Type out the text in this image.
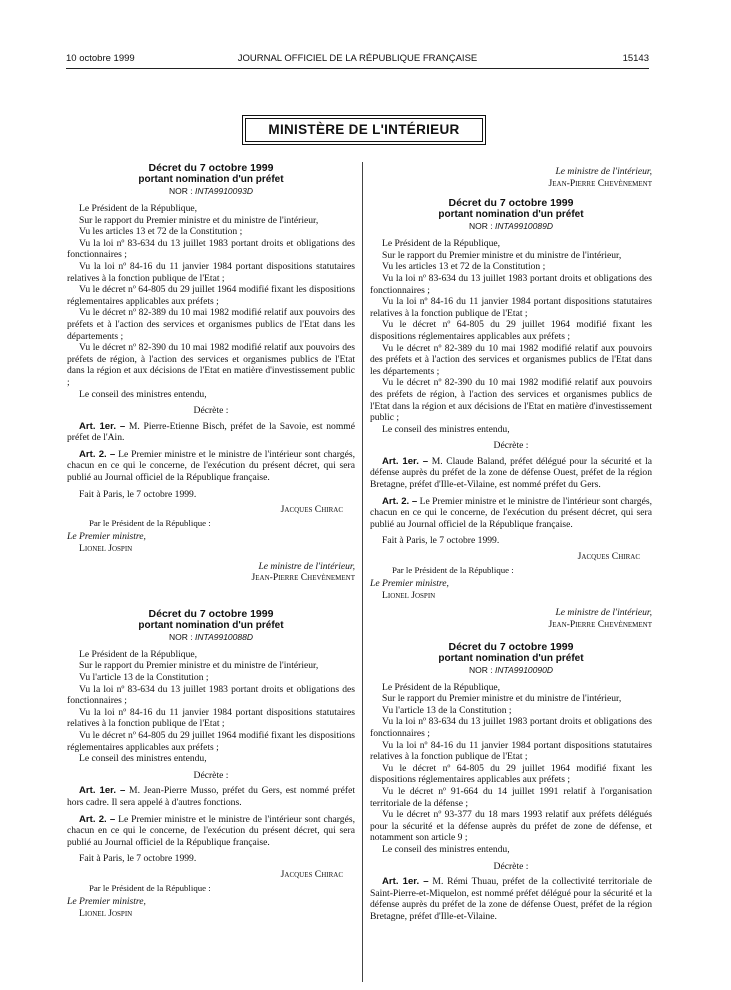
10 octobre 1999	JOURNAL OFFICIEL DE LA RÉPUBLIQUE FRANÇAISE	15143
MINISTÈRE DE L'INTÉRIEUR
Décret du 7 octobre 1999
portant nomination d'un préfet
NOR : INTA9910093D

Le Président de la République,

Sur le rapport du Premier ministre et du ministre de l'intérieur,

Vu les articles 13 et 72 de la Constitution ;

Vu la loi nº 83-634 du 13 juillet 1983 portant droits et obligations des fonctionnaires ;

Vu la loi nº 84-16 du 11 janvier 1984 portant dispositions statutaires relatives à la fonction publique de l'Etat ;

Vu le décret nº 64-805 du 29 juillet 1964 modifié fixant les dispositions réglementaires applicables aux préfets ;

Vu le décret nº 82-389 du 10 mai 1982 modifié relatif aux pouvoirs des préfets et à l'action des services et organismes publics de l'Etat dans les départements ;

Vu le décret nº 82-390 du 10 mai 1982 modifié relatif aux pouvoirs des préfets de région, à l'action des services et organismes publics de l'Etat dans la région et aux décisions de l'Etat en matière d'investissement public ;

Le conseil des ministres entendu,

Décrète :

Art. 1er. – M. Pierre-Etienne Bisch, préfet de la Savoie, est nommé préfet de l'Ain.

Art. 2. – Le Premier ministre et le ministre de l'intérieur sont chargés, chacun en ce qui le concerne, de l'exécution du présent décret, qui sera publié au Journal officiel de la République française.

Fait à Paris, le 7 octobre 1999.

Jacques Chirac
Par le Président de la République :
Le Premier ministre,
Lionel Jospin
Le ministre de l'intérieur,
Jean-Pierre Chevènement
Décret du 7 octobre 1999
portant nomination d'un préfet
NOR : INTA9910088D

Le Président de la République,

Sur le rapport du Premier ministre et du ministre de l'intérieur,

Vu l'article 13 de la Constitution ;

Vu la loi nº 83-634 du 13 juillet 1983 portant droits et obligations des fonctionnaires ;

Vu la loi nº 84-16 du 11 janvier 1984 portant dispositions statutaires relatives à la fonction publique de l'Etat ;

Vu le décret nº 64-805 du 29 juillet 1964 modifié fixant les dispositions réglementaires applicables aux préfets ;

Le conseil des ministres entendu,

Décrète :

Art. 1er. – M. Jean-Pierre Musso, préfet du Gers, est nommé préfet hors cadre. Il sera appelé à d'autres fonctions.

Art. 2. – Le Premier ministre et le ministre de l'intérieur sont chargés, chacun en ce qui le concerne, de l'exécution du présent décret, qui sera publié au Journal officiel de la République française.

Fait à Paris, le 7 octobre 1999.

Jacques Chirac
Par le Président de la République :
Le Premier ministre,
Lionel Jospin
Le ministre de l'intérieur,
Jean-Pierre Chevènement
Décret du 7 octobre 1999
portant nomination d'un préfet
NOR : INTA9910089D

Le Président de la République,

Sur le rapport du Premier ministre et du ministre de l'intérieur,

Vu les articles 13 et 72 de la Constitution ;

Vu la loi nº 83-634 du 13 juillet 1983 portant droits et obligations des fonctionnaires ;

Vu la loi nº 84-16 du 11 janvier 1984 portant dispositions statutaires relatives à la fonction publique de l'Etat ;

Vu le décret nº 64-805 du 29 juillet 1964 modifié fixant les dispositions réglementaires applicables aux préfets ;

Vu le décret nº 82-389 du 10 mai 1982 modifié relatif aux pouvoirs des préfets et à l'action des services et organismes publics de l'Etat dans les départements ;

Vu le décret nº 82-390 du 10 mai 1982 modifié relatif aux pouvoirs des préfets de région, à l'action des services et organismes publics de l'Etat dans la région et aux décisions de l'Etat en matière d'investissement public ;

Le conseil des ministres entendu,

Décrète :

Art. 1er. – M. Claude Baland, préfet délégué pour la sécurité et la défense auprès du préfet de la zone de défense Ouest, préfet de la région Bretagne, préfet d'Ille-et-Vilaine, est nommé préfet du Gers.

Art. 2. – Le Premier ministre et le ministre de l'intérieur sont chargés, chacun en ce qui le concerne, de l'exécution du présent décret, qui sera publié au Journal officiel de la République française.

Fait à Paris, le 7 octobre 1999.

Jacques Chirac
Par le Président de la République :
Le Premier ministre,
Lionel Jospin
Le ministre de l'intérieur,
Jean-Pierre Chevènement
Décret du 7 octobre 1999
portant nomination d'un préfet
NOR : INTA9910090D

Le Président de la République,

Sur le rapport du Premier ministre et du ministre de l'intérieur,

Vu l'article 13 de la Constitution ;

Vu la loi nº 83-634 du 13 juillet 1983 portant droits et obligations des fonctionnaires ;

Vu la loi nº 84-16 du 11 janvier 1984 portant dispositions statutaires relatives à la fonction publique de l'Etat ;

Vu le décret nº 64-805 du 29 juillet 1964 modifié fixant les dispositions réglementaires applicables aux préfets ;

Vu le décret nº 91-664 du 14 juillet 1991 relatif à l'organisation territoriale de la défense ;

Vu le décret nº 93-377 du 18 mars 1993 relatif aux préfets délégués pour la sécurité et la défense auprès du préfet de zone de défense, et notamment son article 9 ;

Le conseil des ministres entendu,

Décrète :

Art. 1er. – M. Rémi Thuau, préfet de la collectivité territoriale de Saint-Pierre-et-Miquelon, est nommé préfet délégué pour la sécurité et la défense auprès du préfet de la zone de défense Ouest, préfet de la région Bretagne, préfet d'Ille-et-Vilaine.
